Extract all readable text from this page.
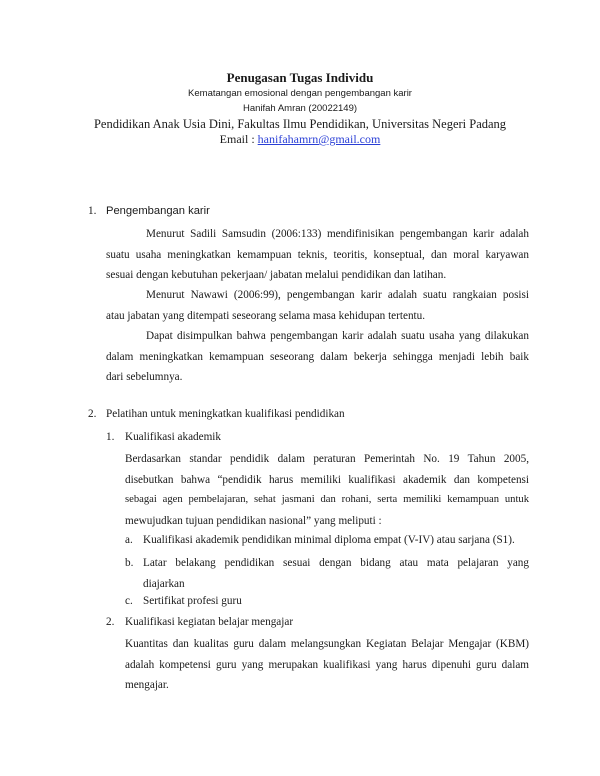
Penugasan Tugas Individu
Kematangan emosional dengan pengembangan karir
Hanifah Amran (20022149)
Pendidikan Anak Usia Dini, Fakultas Ilmu Pendidikan, Universitas Negeri Padang
Email : hanifahamrn@gmail.com
1. Pengembangan karir
Menurut Sadili Samsudin (2006:133) mendifinisikan pengembangan karir adalah
suatu usaha meningkatkan kemampuan teknis, teoritis, konseptual, dan moral karyawan
sesuai dengan kebutuhan pekerjaan/ jabatan melalui pendidikan dan latihan.
Menurut Nawawi (2006:99), pengembangan karir adalah suatu rangkaian posisi
atau jabatan yang ditempati seseorang selama masa kehidupan tertentu.
Dapat disimpulkan bahwa pengembangan karir adalah suatu usaha yang dilakukan
dalam meningkatkan kemampuan seseorang dalam bekerja sehingga menjadi lebih baik
dari sebelumnya.
2. Pelatihan untuk meningkatkan kualifikasi pendidikan
1. Kualifikasi akademik
Berdasarkan standar pendidik dalam peraturan Pemerintah No. 19 Tahun 2005,
disebutkan bahwa “pendidik harus memiliki kualifikasi akademik dan kompetensi
sebagai agen pembelajaran, sehat jasmani dan rohani, serta memiliki kemampuan untuk
mewujudkan tujuan pendidikan nasional” yang meliputi :
a. Kualifikasi akademik pendidikan minimal diploma empat (V-IV) atau sarjana (S1).
b. Latar belakang pendidikan sesuai dengan bidang atau mata pelajaran yang
diajarkan
c. Sertifikat profesi guru
2. Kualifikasi kegiatan belajar mengajar
Kuantitas dan kualitas guru dalam melangsungkan Kegiatan Belajar Mengajar (KBM)
adalah kompetensi guru yang merupakan kualifikasi yang harus dipenuhi guru dalam
mengajar.
